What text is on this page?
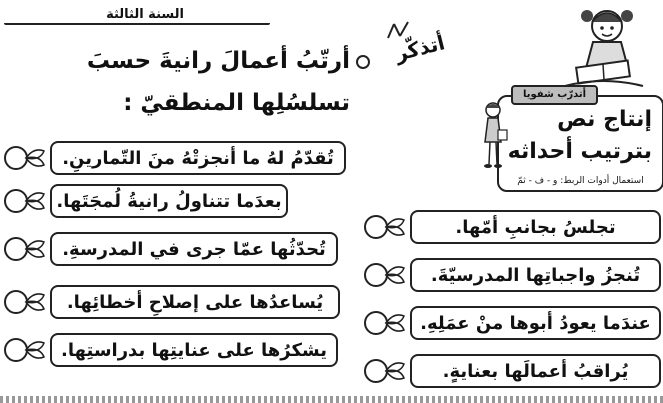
السنة الثالثة
أتدرّب شفويا
إنتاج نص
بترتيب أحداثه
استعمال أدوات الربط: و - ف - ثمّ
أتذكّر
أرتّبُ أعمالَ رانيةَ حسبَ تسلسُلِها المنطقيّ :
تُقدّمُ لهُ ما أنجزتْهُ منَ التّمارينِ.
بعدَما تتناولُ رانيةُ لُمجَتَها.
تُحدّثُها عمّا جرى في المدرسةِ.
يُساعدُها على إصلاحِ أخطائِها.
يشكرُها على عنايتِها بدراستِها.
تجلسُ بجانبِ أمّها.
تُنجزُ واجباتِها المدرسيّةَ.
عندَما يعودُ أبوها منْ عمَلِهِ.
يُراقبُ أعمالَها بعنايةٍ.
